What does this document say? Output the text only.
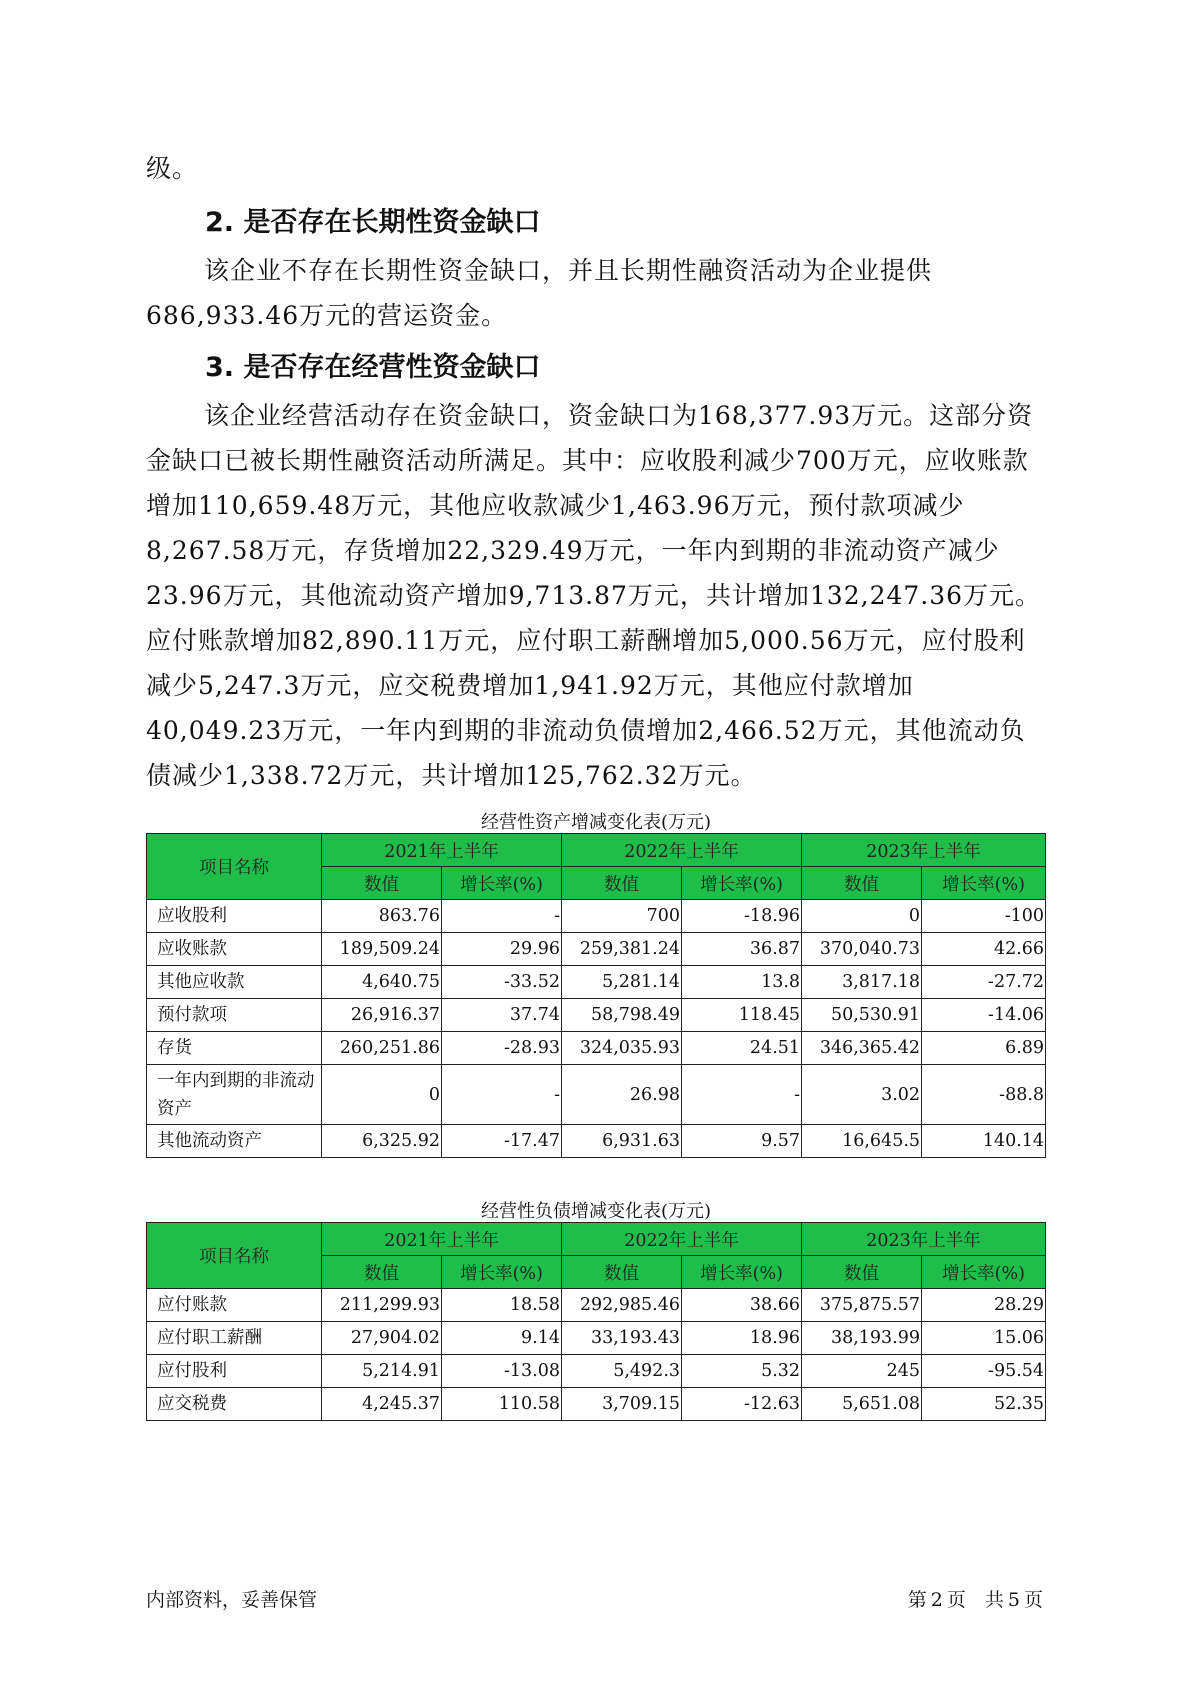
级。

2. 是否存在长期性资金缺口

该企业不存在长期性资金缺口，并且长期性融资活动为企业提供686,933.46万元的营运资金。

3. 是否存在经营性资金缺口

该企业经营活动存在资金缺口，资金缺口为168,377.93万元。这部分资金缺口已被长期性融资活动所满足。其中：应收股利减少700万元，应收账款增加110,659.48万元，其他应收款减少1,463.96万元，预付款项减少8,267.58万元，存货增加22,329.49万元，一年内到期的非流动资产减少23.96万元，其他流动资产增加9,713.87万元，共计增加132,247.36万元。应付账款增加82,890.11万元，应付职工薪酬增加5,000.56万元，应付股利减少5,247.3万元，应交税费增加1,941.92万元，其他应付款增加40,049.23万元，一年内到期的非流动负债增加2,466.52万元，其他流动负债减少1,338.72万元，共计增加125,762.32万元。

经营性资产增减变化表(万元)

项目名称	2021年上半年		2022年上半年		2023年上半年	
	数值	增长率(%)	数值	增长率(%)	数值	增长率(%)
应收股利	863.76	-	700	-18.96	0	-100
应收账款	189,509.24	29.96	259,381.24	36.87	370,040.73	42.66
其他应收款	4,640.75	-33.52	5,281.14	13.8	3,817.18	-27.72
预付款项	26,916.37	37.74	58,798.49	118.45	50,530.91	-14.06
存货	260,251.86	-28.93	324,035.93	24.51	346,365.42	6.89
一年内到期的非流动资产	0	-	26.98	-	3.02	-88.8
其他流动资产	6,325.92	-17.47	6,931.63	9.57	16,645.5	140.14

经营性负债增减变化表(万元)

项目名称	2021年上半年		2022年上半年		2023年上半年	
	数值	增长率(%)	数值	增长率(%)	数值	增长率(%)
应付账款	211,299.93	18.58	292,985.46	38.66	375,875.57	28.29
应付职工薪酬	27,904.02	9.14	33,193.43	18.96	38,193.99	15.06
应付股利	5,214.91	-13.08	5,492.3	5.32	245	-95.54
应交税费	4,245.37	110.58	3,709.15	-12.63	5,651.08	52.35

内部资料，妥善保管	第 2 页　共 5 页
